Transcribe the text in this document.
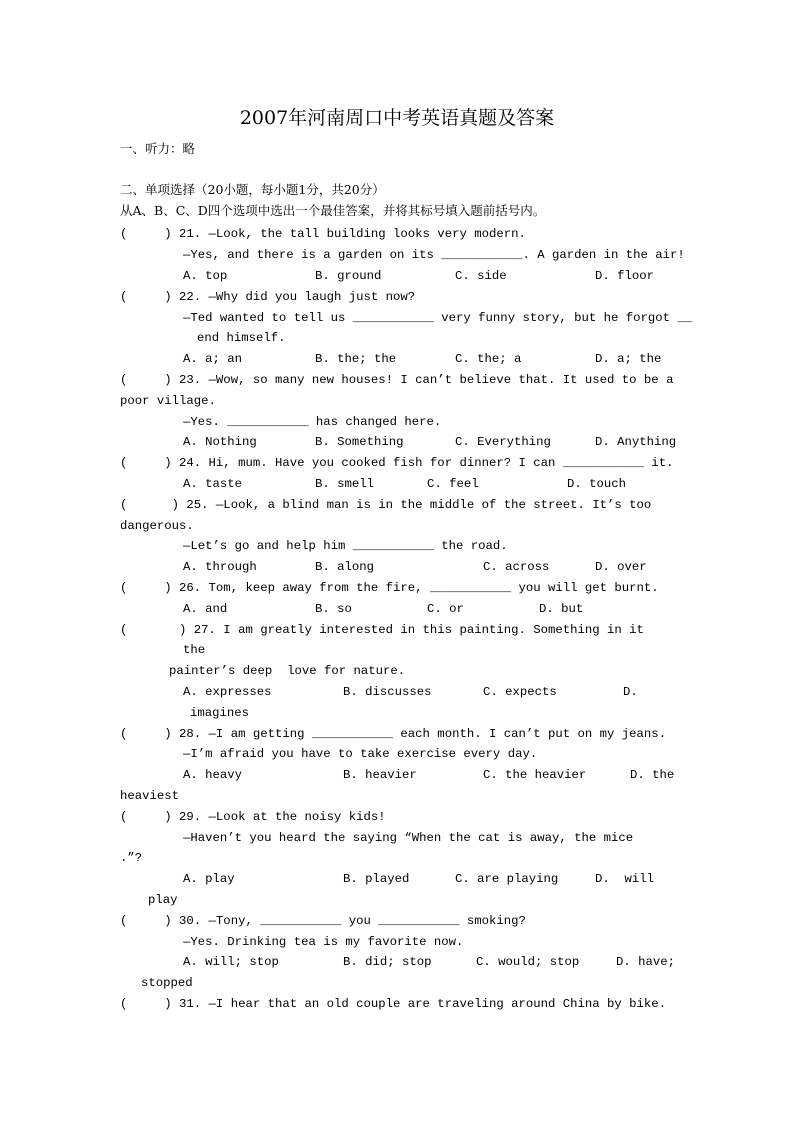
2007年河南周口中考英语真题及答案
一、听力：略
二、单项选择（20小题，每小题1分，共20分）
从A、B、C、D四个选项中选出一个最佳答案，并将其标号填入题前括号内。
(     ) 21. —Look, the tall building looks very modern.
—Yes, and there is a garden on its ___________. A garden in the air!
A. top	B. ground	C. side	D. floor
(     ) 22. —Why did you laugh just now?
—Ted wanted to tell us ___________ very funny story, but he forgot __
end himself.
A. a; an	B. the; the	C. the; a	D. a; the
(     ) 23. —Wow, so many new houses! I can’t believe that. It used to be a
poor village.
—Yes. ___________ has changed here.
A. Nothing	B. Something	C. Everything	D. Anything
(     ) 24. Hi, mum. Have you cooked fish for dinner? I can ___________ it.
A. taste	B. smell	C. feel	D. touch
(      ) 25. —Look, a blind man is in the middle of the street. It’s too
dangerous.
—Let’s go and help him ___________ the road.
A. through	B. along	C. across	D. over
(     ) 26. Tom, keep away from the fire, ___________ you will get burnt.
A. and	B. so	C. or	D. but
(       ) 27. I am greatly interested in this painting. Something in it
the
painter’s deep  love for nature.
A. expresses	B. discusses	C. expects	D.
imagines
(     ) 28. —I am getting ___________ each month. I can’t put on my jeans.
—I’m afraid you have to take exercise every day.
A. heavy	B. heavier	C. the heavier	D. the
heaviest
(     ) 29. —Look at the noisy kids!
—Haven’t you heard the saying “When the cat is away, the mice
.”?
A. play	B. played	C. are playing	D.  will
play
(     ) 30. —Tony, ___________ you ___________ smoking?
—Yes. Drinking tea is my favorite now.
A. will; stop	B. did; stop	C. would; stop	D. have;
stopped
(     ) 31. —I hear that an old couple are traveling around China by bike.
